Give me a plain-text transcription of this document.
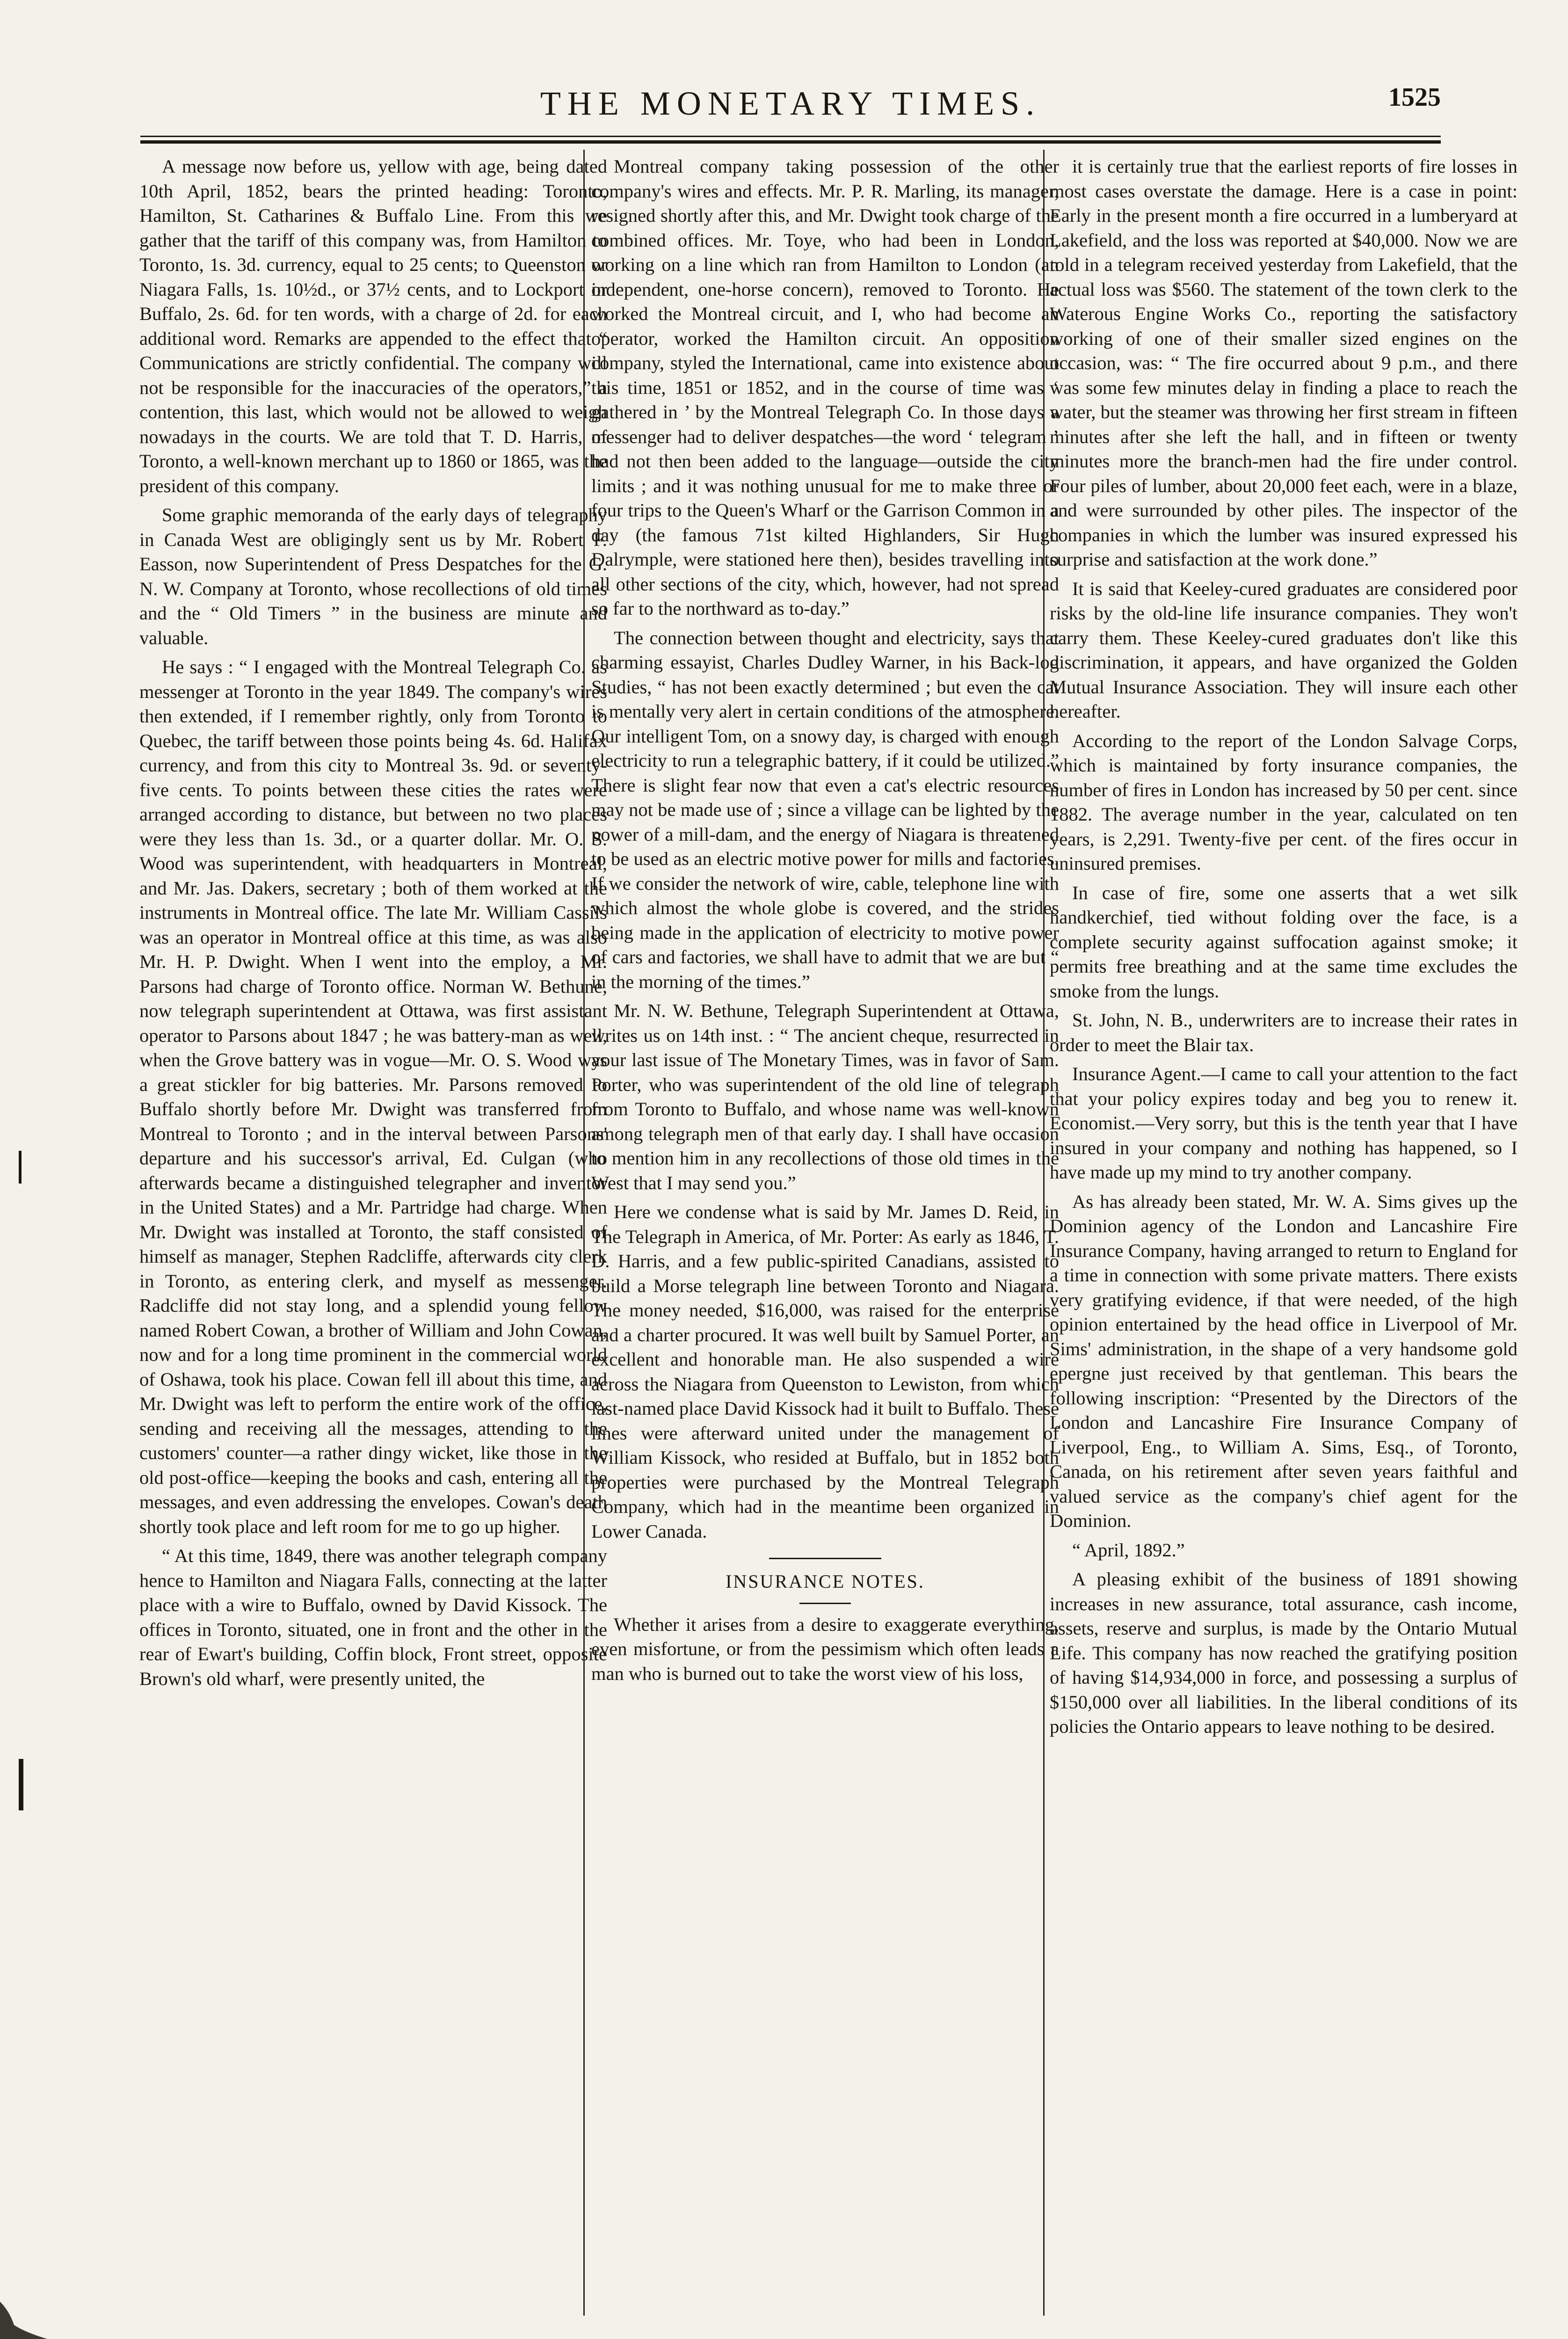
THE MONETARY TIMES.	1525

A message now before us, yellow with age, being dated 10th April, 1852, bears the printed heading: Toronto, Hamilton, St. Catharines & Buffalo Line. From this we gather that the tariff of this company was, from Hamilton to Toronto, 1s. 3d. currency, equal to 25 cents; to Queenston or Niagara Falls, 1s. 10½d., or 37½ cents, and to Lockport or Buffalo, 2s. 6d. for ten words, with a charge of 2d. for each additional word. Remarks are appended to the effect that “ Communications are strictly confidential. The company will not be responsible for the inaccuracies of the operators,” a contention, this last, which would not be allowed to weigh nowadays in the courts. We are told that T. D. Harris, of Toronto, a well-known merchant up to 1860 or 1865, was the president of this company.

Some graphic memoranda of the early days of telegraphy in Canada West are obligingly sent us by Mr. Robert F. Easson, now Superintendent of Press Despatches for the G. N. W. Company at Toronto, whose recollections of old times and the “ Old Timers ” in the business are minute and valuable.

He says : “ I engaged with the Montreal Telegraph Co. as messenger at Toronto in the year 1849. The company's wires then extended, if I remember rightly, only from Toronto to Quebec, the tariff between those points being 4s. 6d. Halifax currency, and from this city to Montreal 3s. 9d. or seventy-five cents. To points between these cities the rates were arranged according to distance, but between no two places were they less than 1s. 3d., or a quarter dollar. Mr. O. S. Wood was superintendent, with headquarters in Montreal, and Mr. Jas. Dakers, secretary ; both of them worked at the instruments in Montreal office. The late Mr. William Cassils was an operator in Montreal office at this time, as was also Mr. H. P. Dwight. When I went into the employ, a Mr. Parsons had charge of Toronto office. Norman W. Bethune, now telegraph superintendent at Ottawa, was first assistant operator to Parsons about 1847 ; he was battery-man as well, when the Grove battery was in vogue—Mr. O. S. Wood was a great stickler for big batteries. Mr. Parsons removed to Buffalo shortly before Mr. Dwight was transferred from Montreal to Toronto ; and in the interval between Parsons' departure and his successor's arrival, Ed. Culgan (who afterwards became a distinguished telegrapher and inventor in the United States) and a Mr. Partridge had charge. When Mr. Dwight was installed at Toronto, the staff consisted of himself as manager, Stephen Radcliffe, afterwards city clerk in Toronto, as entering clerk, and myself as messenger. Radcliffe did not stay long, and a splendid young fellow named Robert Cowan, a brother of William and John Cowan, now and for a long time prominent in the commercial world of Oshawa, took his place. Cowan fell ill about this time, and Mr. Dwight was left to perform the entire work of the office, sending and receiving all the messages, attending to the customers' counter—a rather dingy wicket, like those in the old post-office—keeping the books and cash, entering all the messages, and even addressing the envelopes. Cowan's death shortly took place and left room for me to go up higher.

“ At this time, 1849, there was another telegraph company hence to Hamilton and Niagara Falls, connecting at the latter place with a wire to Buffalo, owned by David Kissock. The offices in Toronto, situated, one in front and the other in the rear of Ewart's building, Coffin block, Front street, opposite Brown's old wharf, were presently united, the

Montreal company taking possession of the other company's wires and effects. Mr. P. R. Marling, its manager, resigned shortly after this, and Mr. Dwight took charge of the combined offices. Mr. Toye, who had been in London, working on a line which ran from Hamilton to London (an independent, one-horse concern), removed to Toronto. He worked the Montreal circuit, and I, who had become an operator, worked the Hamilton circuit. An opposition company, styled the International, came into existence about this time, 1851 or 1852, and in the course of time was ‘ gathered in ’ by the Montreal Telegraph Co. In those days a messenger had to deliver despatches—the word ‘ telegram ’ had not then been added to the language—outside the city limits ; and it was nothing unusual for me to make three or four trips to the Queen's Wharf or the Garrison Common in a day (the famous 71st kilted Highlanders, Sir Hugh Dalrymple, were stationed here then), besides travelling into all other sections of the city, which, however, had not spread so far to the northward as to-day.”

The connection between thought and electricity, says that charming essayist, Charles Dudley Warner, in his Back-log Studies, “ has not been exactly determined ; but even the cat is mentally very alert in certain conditions of the atmosphere. Our intelligent Tom, on a snowy day, is charged with enough electricity to run a telegraphic battery, if it could be utilized.” There is slight fear now that even a cat's electric resources may not be made use of ; since a village can be lighted by the power of a mill-dam, and the energy of Niagara is threatened to be used as an electric motive power for mills and factories. If we consider the network of wire, cable, telephone line with which almost the whole globe is covered, and the strides being made in the application of electricity to motive power of cars and factories, we shall have to admit that we are but “ in the morning of the times.”

Mr. N. W. Bethune, Telegraph Superintendent at Ottawa, writes us on 14th inst. : “ The ancient cheque, resurrected in your last issue of The Monetary Times, was in favor of Sam. Porter, who was superintendent of the old line of telegraph from Toronto to Buffalo, and whose name was well-known among telegraph men of that early day. I shall have occasion to mention him in any recollections of those old times in the West that I may send you.”

Here we condense what is said by Mr. James D. Reid, in The Telegraph in America, of Mr. Porter: As early as 1846, T. D. Harris, and a few public-spirited Canadians, assisted to build a Morse telegraph line between Toronto and Niagara. The money needed, $16,000, was raised for the enterprise and a charter procured. It was well built by Samuel Porter, an excellent and honorable man. He also suspended a wire across the Niagara from Queenston to Lewiston, from which last-named place David Kissock had it built to Buffalo. These lines were afterward united under the management of William Kissock, who resided at Buffalo, but in 1852 both properties were purchased by the Montreal Telegraph Company, which had in the meantime been organized in Lower Canada.

INSURANCE NOTES.

Whether it arises from a desire to exaggerate everything, even misfortune, or from the pessimism which often leads a man who is burned out to take the worst view of his loss,

it is certainly true that the earliest reports of fire losses in most cases overstate the damage. Here is a case in point: Early in the present month a fire occurred in a lumberyard at Lakefield, and the loss was reported at $40,000. Now we are told in a telegram received yesterday from Lakefield, that the actual loss was $560. The statement of the town clerk to the Waterous Engine Works Co., reporting the satisfactory working of one of their smaller sized engines on the occasion, was: “ The fire occurred about 9 p.m., and there was some few minutes delay in finding a place to reach the water, but the steamer was throwing her first stream in fifteen minutes after she left the hall, and in fifteen or twenty minutes more the branch-men had the fire under control. Four piles of lumber, about 20,000 feet each, were in a blaze, and were surrounded by other piles. The inspector of the companies in which the lumber was insured expressed his surprise and satisfaction at the work done.”

It is said that Keeley-cured graduates are considered poor risks by the old-line life insurance companies. They won't carry them. These Keeley-cured graduates don't like this discrimination, it appears, and have organized the Golden Mutual Insurance Association. They will insure each other hereafter.

According to the report of the London Salvage Corps, which is maintained by forty insurance companies, the number of fires in London has increased by 50 per cent. since 1882. The average number in the year, calculated on ten years, is 2,291. Twenty-five per cent. of the fires occur in uninsured premises.

In case of fire, some one asserts that a wet silk handkerchief, tied without folding over the face, is a complete security against suffocation against smoke; it permits free breathing and at the same time excludes the smoke from the lungs.

St. John, N. B., underwriters are to increase their rates in order to meet the Blair tax.

Insurance Agent.—I came to call your attention to the fact that your policy expires today and beg you to renew it. Economist.—Very sorry, but this is the tenth year that I have insured in your company and nothing has happened, so I have made up my mind to try another company.

As has already been stated, Mr. W. A. Sims gives up the Dominion agency of the London and Lancashire Fire Insurance Company, having arranged to return to England for a time in connection with some private matters. There exists very gratifying evidence, if that were needed, of the high opinion entertained by the head office in Liverpool of Mr. Sims' administration, in the shape of a very handsome gold epergne just received by that gentleman. This bears the following inscription: “Presented by the Directors of the London and Lancashire Fire Insurance Company of Liverpool, Eng., to William A. Sims, Esq., of Toronto, Canada, on his retirement after seven years faithful and valued service as the company's chief agent for the Dominion.

“ April, 1892.”

A pleasing exhibit of the business of 1891 showing increases in new assurance, total assurance, cash income, assets, reserve and surplus, is made by the Ontario Mutual Life. This company has now reached the gratifying position of having $14,934,000 in force, and possessing a surplus of $150,000 over all liabilities. In the liberal conditions of its policies the Ontario appears to leave nothing to be desired.
